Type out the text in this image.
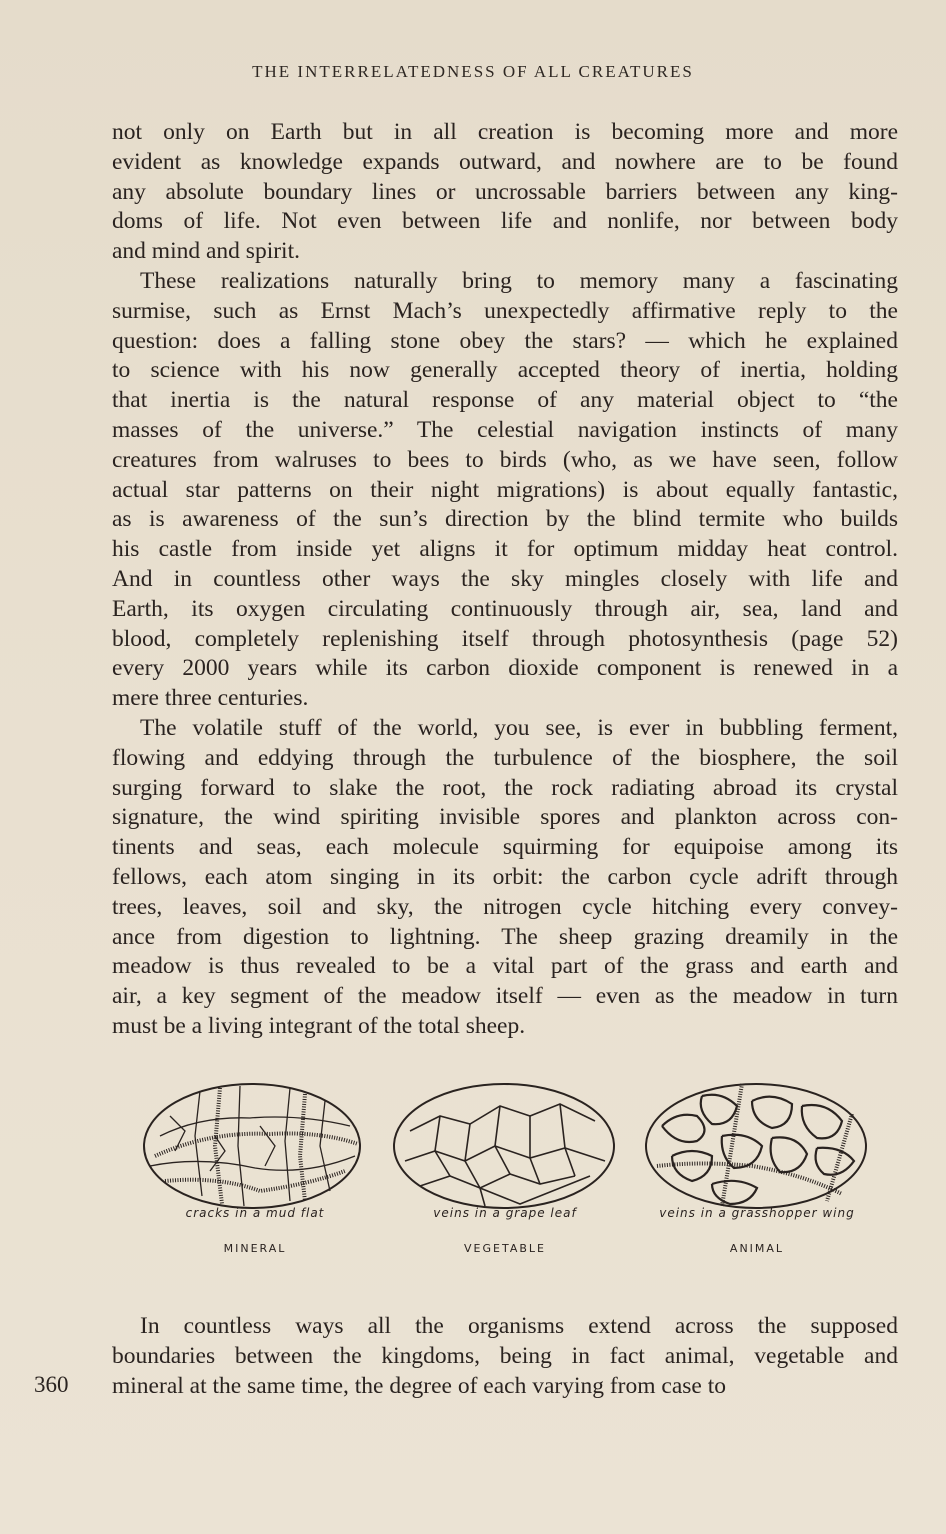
THE INTERRELATEDNESS OF ALL CREATURES

not only on Earth but in all creation is becoming more and more
evident as knowledge expands outward, and nowhere are to be found
any absolute boundary lines or uncrossable barriers between any king-
doms of life. Not even between life and nonlife, nor between body
and mind and spirit.

These realizations naturally bring to memory many a fascinating
surmise, such as Ernst Mach’s unexpectedly affirmative reply to the
question: does a falling stone obey the stars? — which he explained
to science with his now generally accepted theory of inertia, holding
that inertia is the natural response of any material object to “the
masses of the universe.” The celestial navigation instincts of many
creatures from walruses to bees to birds (who, as we have seen, follow
actual star patterns on their night migrations) is about equally fantastic,
as is awareness of the sun’s direction by the blind termite who builds
his castle from inside yet aligns it for optimum midday heat control.
And in countless other ways the sky mingles closely with life and
Earth, its oxygen circulating continuously through air, sea, land and
blood, completely replenishing itself through photosynthesis (page 52)
every 2000 years while its carbon dioxide component is renewed in a
mere three centuries.

The volatile stuff of the world, you see, is ever in bubbling ferment,
flowing and eddying through the turbulence of the biosphere, the soil
surging forward to slake the root, the rock radiating abroad its crystal
signature, the wind spiriting invisible spores and plankton across con-
tinents and seas, each molecule squirming for equipoise among its
fellows, each atom singing in its orbit: the carbon cycle adrift through
trees, leaves, soil and sky, the nitrogen cycle hitching every convey-
ance from digestion to lightning. The sheep grazing dreamily in the
meadow is thus revealed to be a vital part of the grass and earth and
air, a key segment of the meadow itself — even as the meadow in turn
must be a living integrant of the total sheep.

cracks in a mud flat
MINERAL
veins in a grape leaf
VEGETABLE
veins in a grasshopper wing
ANIMAL

In countless ways all the organisms extend across the supposed
boundaries between the kingdoms, being in fact animal, vegetable and
mineral at the same time, the degree of each varying from case to

360
